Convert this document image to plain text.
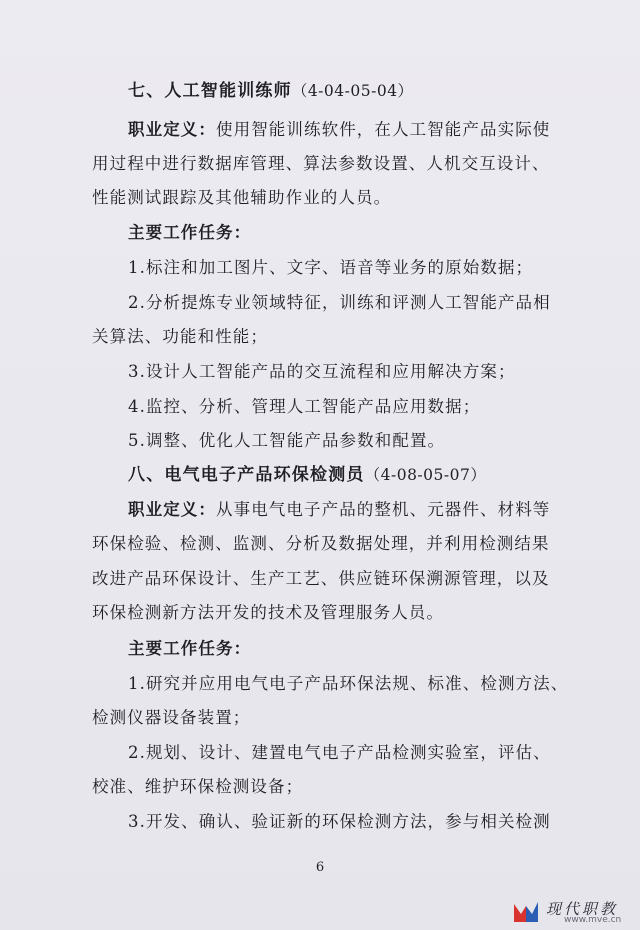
七、人工智能训练师（4-04-05-04）
职业定义：使用智能训练软件，在人工智能产品实际使
用过程中进行数据库管理、算法参数设置、人机交互设计、
性能测试跟踪及其他辅助作业的人员。
主要工作任务：
1.标注和加工图片、文字、语音等业务的原始数据；
2.分析提炼专业领域特征，训练和评测人工智能产品相
关算法、功能和性能；
3.设计人工智能产品的交互流程和应用解决方案；
4.监控、分析、管理人工智能产品应用数据；
5.调整、优化人工智能产品参数和配置。
八、电气电子产品环保检测员（4-08-05-07）
职业定义：从事电气电子产品的整机、元器件、材料等
环保检验、检测、监测、分析及数据处理，并利用检测结果
改进产品环保设计、生产工艺、供应链环保溯源管理，以及
环保检测新方法开发的技术及管理服务人员。
主要工作任务：
1.研究并应用电气电子产品环保法规、标准、检测方法、
检测仪器设备装置；
2.规划、设计、建置电气电子产品检测实验室，评估、
校准、维护环保检测设备；
3.开发、确认、验证新的环保检测方法，参与相关检测
6
现代职教
www.mve.cn
